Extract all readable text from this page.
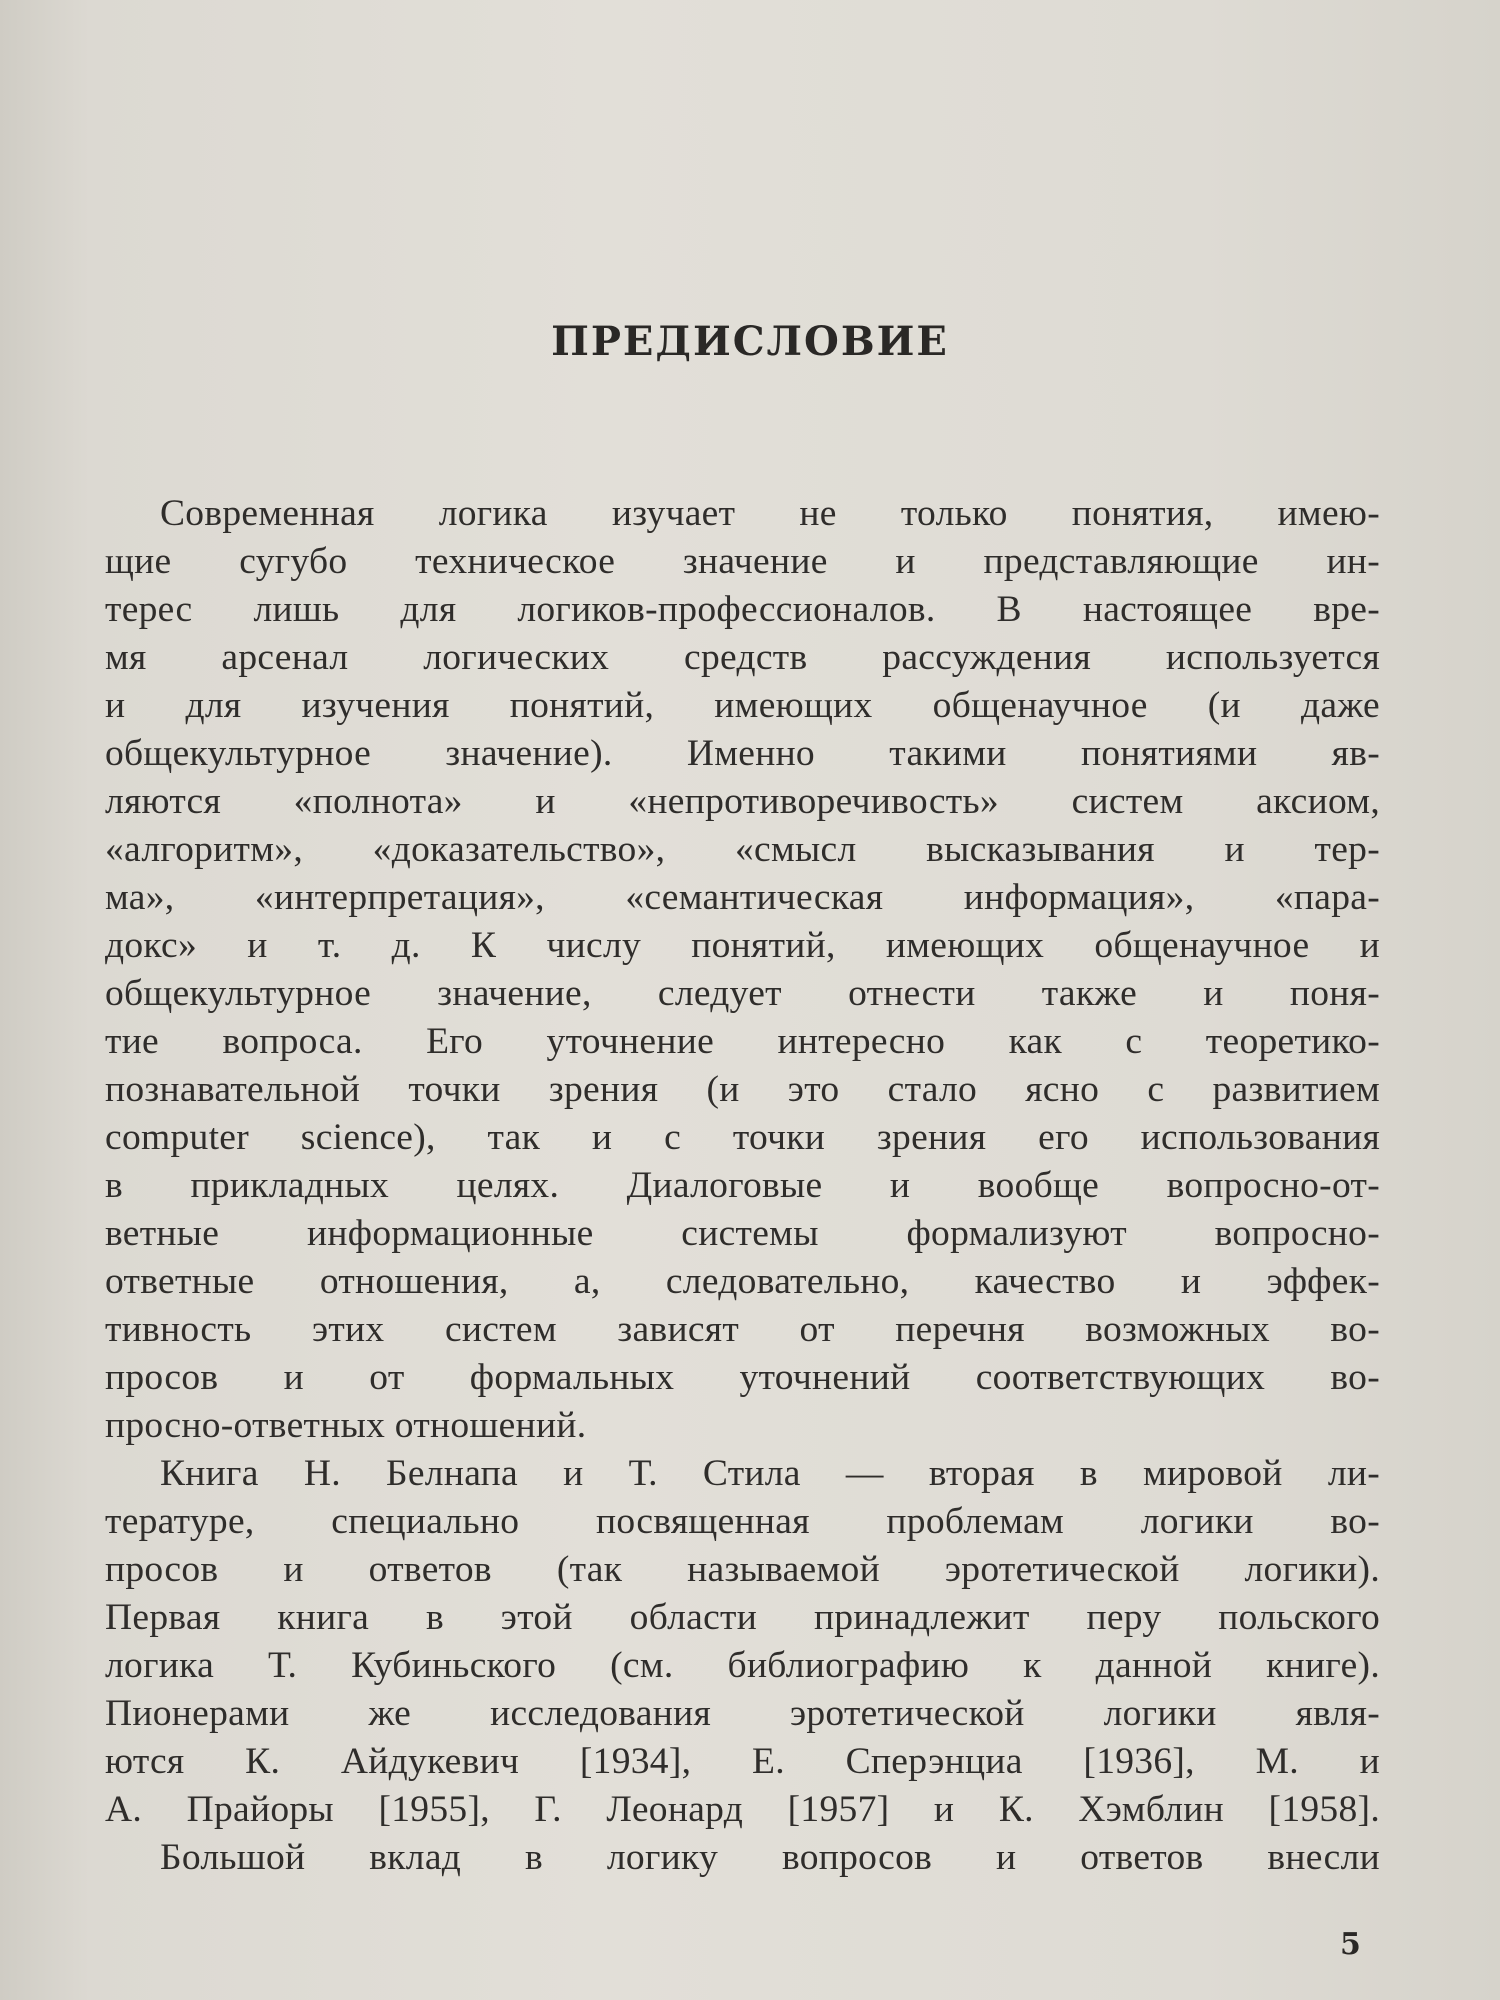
ПРЕДИСЛОВИЕ
Современная логика изучает не только понятия, имею-
щие сугубо техническое значение и представляющие ин-
терес лишь для логиков-профессионалов. В настоящее вре-
мя арсенал логических средств рассуждения используется
и для изучения понятий, имеющих общенаучное (и даже
общекультурное значение). Именно такими понятиями яв-
ляются «полнота» и «непротиворечивость» систем аксиом,
«алгоритм», «доказательство», «смысл высказывания и тер-
ма», «интерпретация», «семантическая информация», «пара-
докс» и т. д. К числу понятий, имеющих общенаучное и
общекультурное значение, следует отнести также и поня-
тие вопроса. Его уточнение интересно как с теоретико-
познавательной точки зрения (и это стало ясно с развитием
computer science), так и с точки зрения его использования
в прикладных целях. Диалоговые и вообще вопросно-от-
ветные информационные системы формализуют вопросно-
ответные отношения, а, следовательно, качество и эффек-
тивность этих систем зависят от перечня возможных во-
просов и от формальных уточнений соответствующих во-
просно-ответных отношений.
Книга Н. Белнапа и Т. Стила — вторая в мировой ли-
тературе, специально посвященная проблемам логики во-
просов и ответов (так называемой эротетической логики).
Первая книга в этой области принадлежит перу польского
логика Т. Кубиньского (см. библиографию к данной книге).
Пионерами же исследования эротетической логики явля-
ются К. Айдукевич [1934], Е. Сперэнциа [1936], М. и
А. Прайоры [1955], Г. Леонард [1957] и К. Хэмблин [1958].
Большой вклад в логику вопросов и ответов внесли
5
